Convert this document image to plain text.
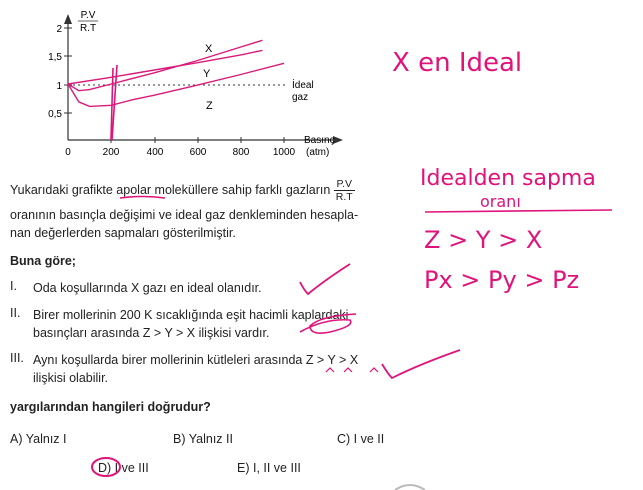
P.V
R.T
2
1,5
1
0,5
0	200	400	600	800 1000
Basınç
(atm)
İdeal
gaz
X
Y
Z
Yukarıdaki grafikte apolar moleküllere sahip farklı gazların $\frac{P.V}{R.T}$
oranının basınçla değişimi ve ideal gaz denkleminden hesapla-
nan değerlerden sapmaları gösterilmiştir.
Buna göre;
I. Oda koşullarında X gazı en ideal olanıdır.
II. Birer mollerinin 200 K sıcaklığında eşit hacimli kaplardaki
basınçları arasında Z > Y > X ilişkisi vardır.
III. Aynı koşullarda birer mollerinin kütleleri arasında Z > Y > X
ilişkisi olabilir.
yargılarından hangileri doğrudur?
A) Yalnız I	B) Yalnız II	C) I ve II
D) I ve III	E) I, II ve III
X en Ideal
Idealden sapma
oranı
Z > Y > X
Px > Py > Pz
